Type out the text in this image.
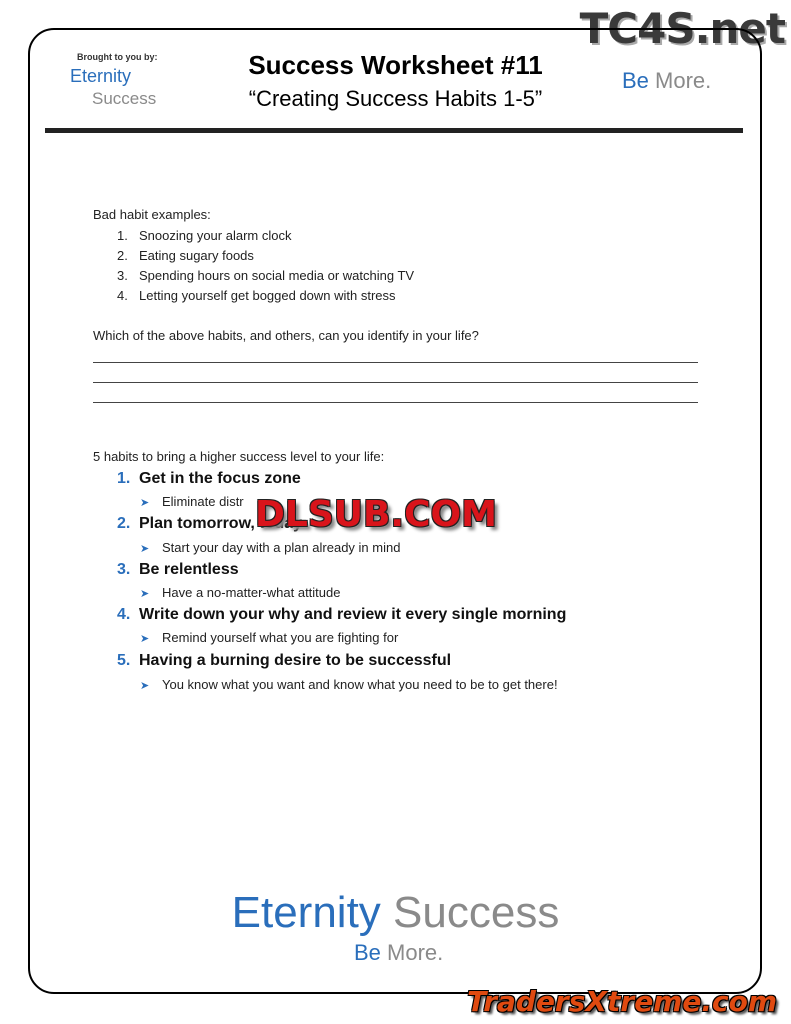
TC4S.net
Brought to you by:
Eternity
Success
Success Worksheet #11
“Creating Success Habits 1-5”
Be More.
Bad habit examples:
1. Snoozing your alarm clock
2. Eating sugary foods
3. Spending hours on social media or watching TV
4. Letting yourself get bogged down with stress
Which of the above habits, and others, can you identify in your life?
5 habits to bring a higher success level to your life:
1. Get in the focus zone
➤ Eliminate distr
2. Plan tomorrow, today
➤ Start your day with a plan already in mind
3. Be relentless
➤ Have a no-matter-what attitude
4. Write down your why and review it every single morning
➤ Remind yourself what you are fighting for
5. Having a burning desire to be successful
➤ You know what you want and know what you need to be to get there!
DLSUB.COM
Eternity Success
Be More.
TradersXtreme.com
